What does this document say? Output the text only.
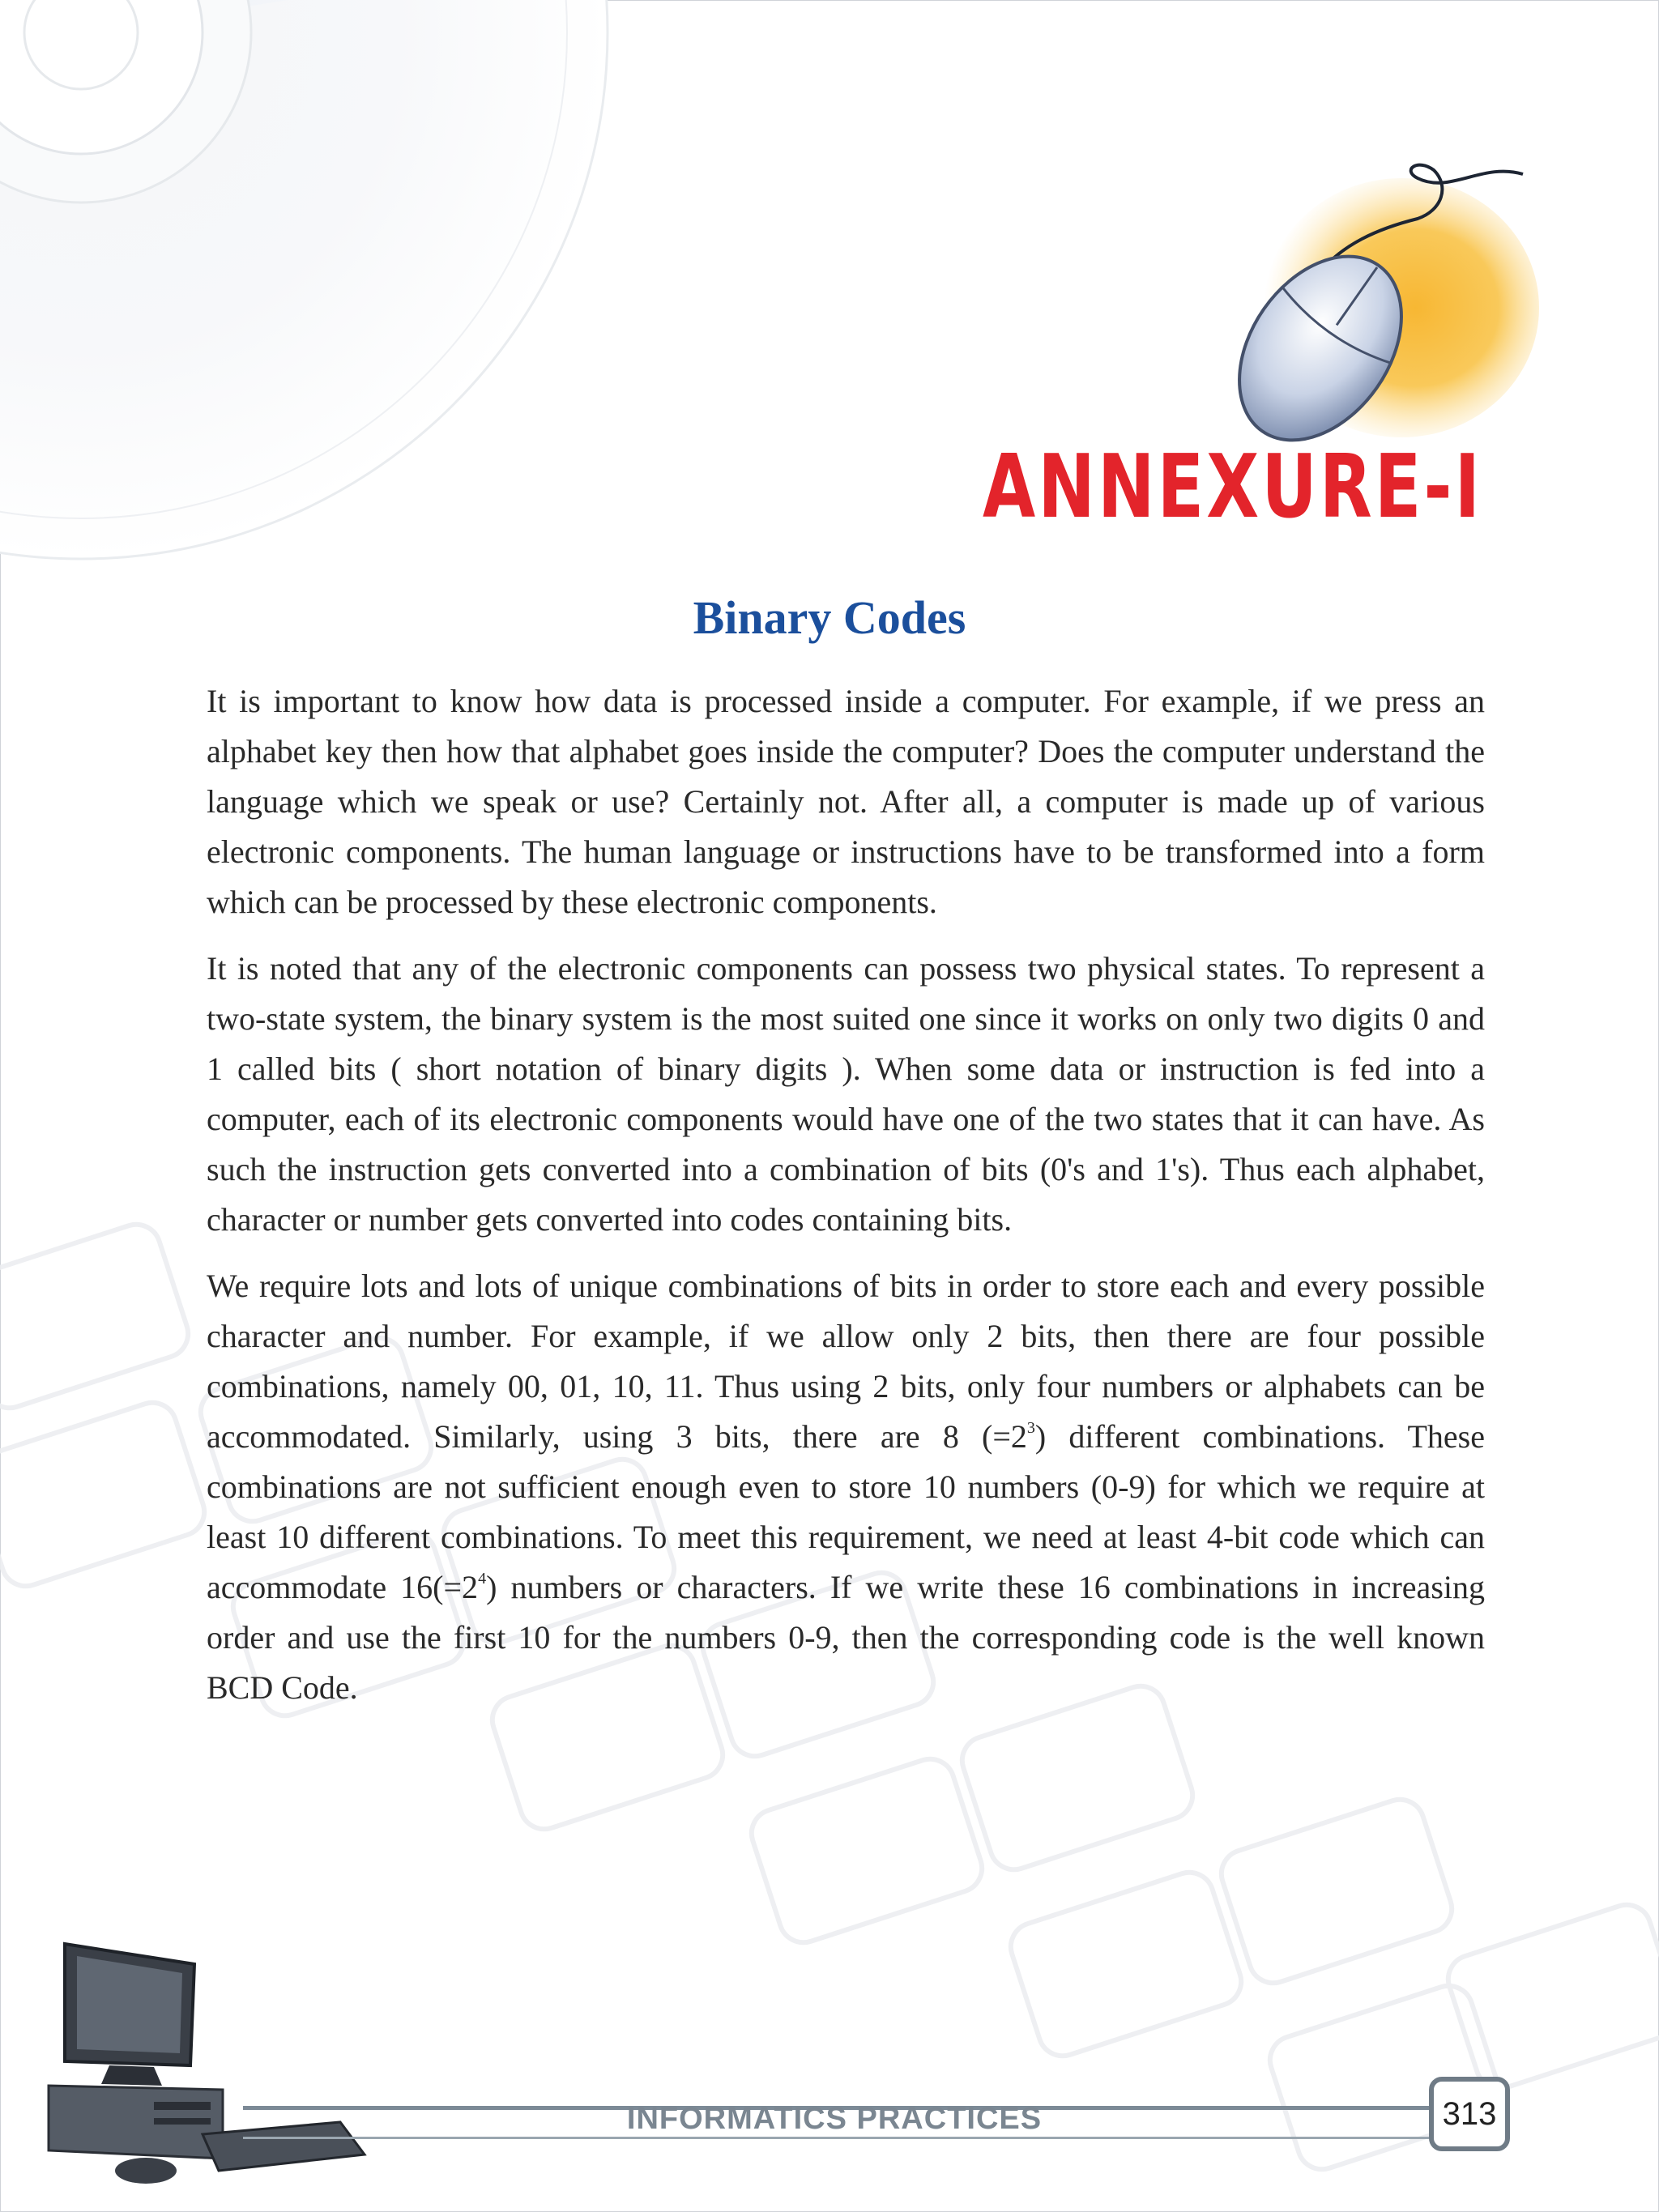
ANNEXURE-I
Binary Codes

It is important to know how data is processed inside a computer. For example, if we press an alphabet key then how that alphabet goes inside the computer? Does the computer understand the language which we speak or use? Certainly not. After all, a computer is made up of various electronic components. The human language or instructions have to be transformed into a form which can be processed by these electronic components.

It is noted that any of the electronic components can possess two physical states. To represent a two-state system, the binary system is the most suited one since it works on only two digits 0 and 1 called bits ( short notation of binary digits ). When some data or instruction is fed into a computer, each of its electronic components would have one of the two states that it can have. As such the instruction gets converted into a combination of bits (0's and 1's). Thus each alphabet, character or number gets converted into codes containing bits.

We require lots and lots of unique combinations of bits in order to store each and every possible character and number. For example, if we allow only 2 bits, then there are four possible combinations, namely 00, 01, 10, 11. Thus using 2 bits, only four numbers or alphabets can be accommodated. Similarly, using 3 bits, there are 8 $(=2^3)$ different combinations. These combinations are not sufficient enough even to store 10 numbers (0-9) for which we require at least 10 different combinations. To meet this requirement, we need at least 4-bit code which can accommodate $16(=2^4)$ numbers or characters. If we write these 16 combinations in increasing order and use the first 10 for the numbers 0-9, then the corresponding code is the well known BCD Code.

INFORMATICS PRACTICES	313
